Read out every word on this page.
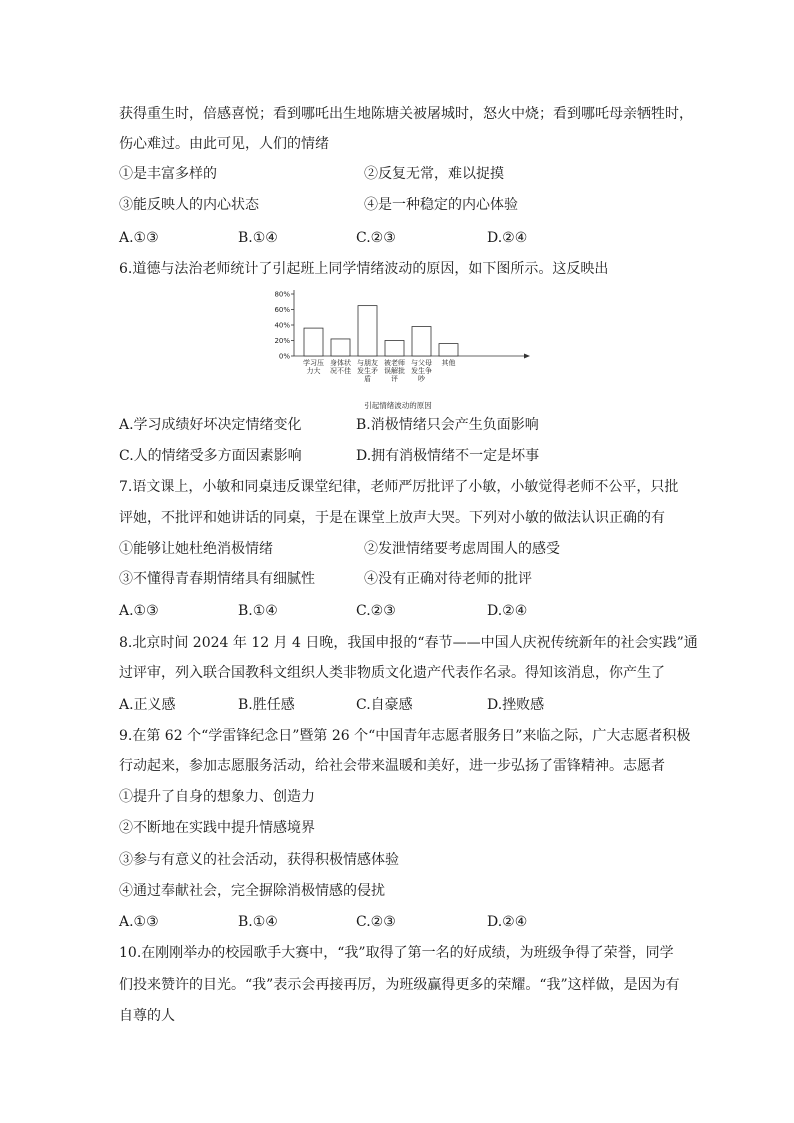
获得重生时，倍感喜悦；看到哪吒出生地陈塘关被屠城时，怒火中烧；看到哪吒母亲牺牲时，
伤心难过。由此可见，人们的情绪
①是丰富多样的	②反复无常，难以捉摸
③能反映人的内心状态	④是一种稳定的内心体验
A.①③	B.①④	C.②③	D.②④
6.道德与法治老师统计了引起班上同学情绪波动的原因，如下图所示。这反映出
0%
20%
40%
60%
80%
学习压力大
身体状况不佳
与朋友发生矛盾
被老师误解批评
与父母发生争吵
其他
引起情绪波动的原因
A.学习成绩好坏决定情绪变化	B.消极情绪只会产生负面影响
C.人的情绪受多方面因素影响	D.拥有消极情绪不一定是坏事
7.语文课上，小敏和同桌违反课堂纪律，老师严厉批评了小敏，小敏觉得老师不公平，只批
评她，不批评和她讲话的同桌，于是在课堂上放声大哭。下列对小敏的做法认识正确的有
①能够让她杜绝消极情绪	②发泄情绪要考虑周围人的感受
③不懂得青春期情绪具有细腻性	④没有正确对待老师的批评
A.①③	B.①④	C.②③	D.②④
8.北京时间 2024 年 12 月 4 日晚，我国申报的“春节——中国人庆祝传统新年的社会实践”通
过评审，列入联合国教科文组织人类非物质文化遗产代表作名录。得知该消息，你产生了
A.正义感	B.胜任感	C.自豪感	D.挫败感
9.在第 62 个“学雷锋纪念日”暨第 26 个“中国青年志愿者服务日”来临之际，广大志愿者积极
行动起来，参加志愿服务活动，给社会带来温暖和美好，进一步弘扬了雷锋精神。志愿者
①提升了自身的想象力、创造力
②不断地在实践中提升情感境界
③参与有意义的社会活动，获得积极情感体验
④通过奉献社会，完全摒除消极情感的侵扰
A.①③	B.①④	C.②③	D.②④
10.在刚刚举办的校园歌手大赛中，“我”取得了第一名的好成绩，为班级争得了荣誉，同学
们投来赞许的目光。“我”表示会再接再厉，为班级赢得更多的荣耀。“我”这样做，是因为有
自尊的人
